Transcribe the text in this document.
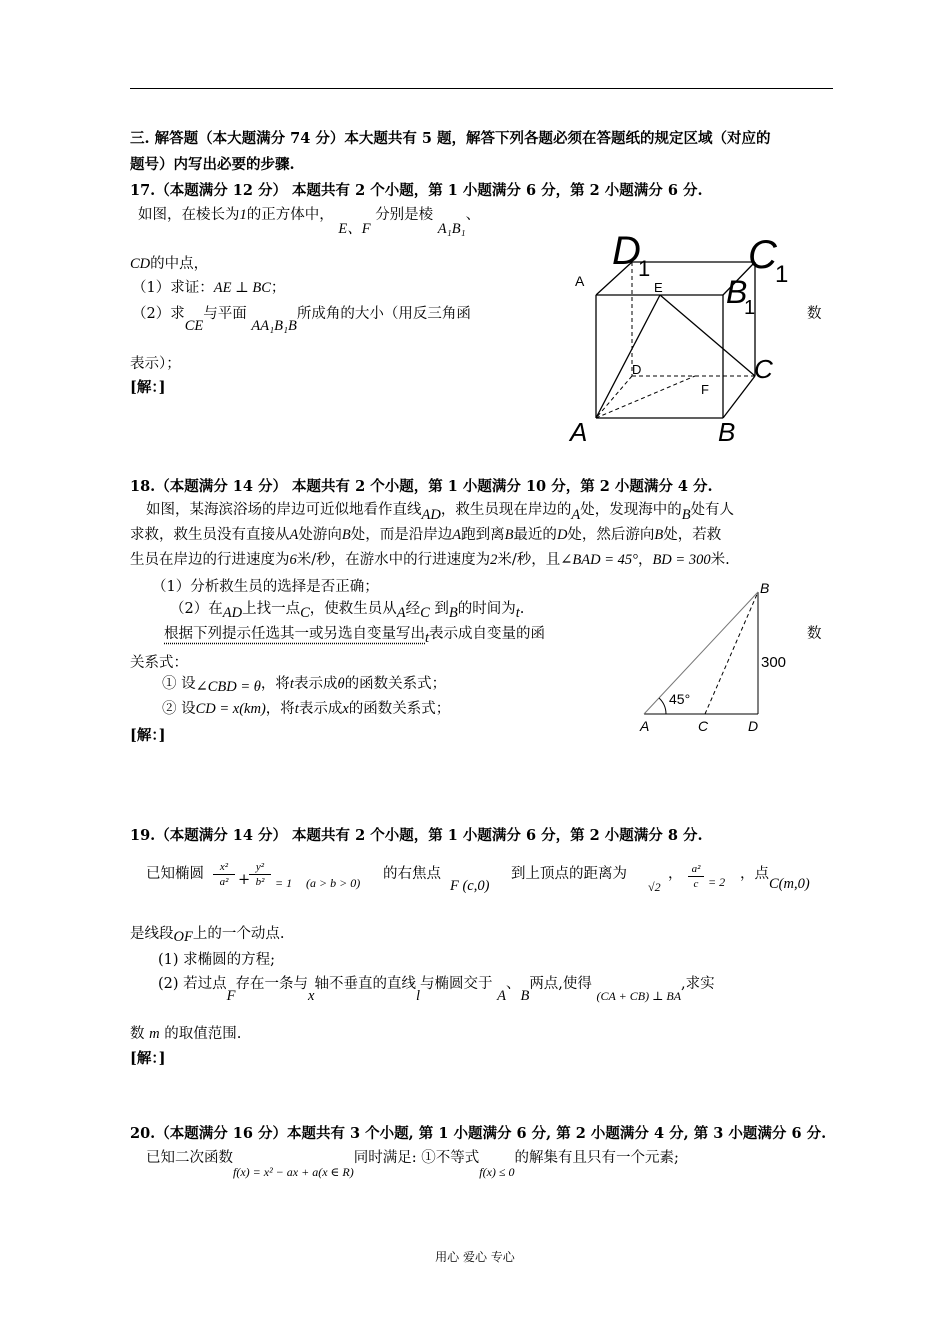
三. 解答题（本大题满分 74 分）本大题共有 5 题，解答下列各题必须在答题纸的规定区域（对应的
题号）内写出必要的步骤.
17.（本题满分 12 分） 本题共有 2 个小题，第 1 小题满分 6 分，第 2 小题满分 6 分.
如图，在棱长为1的正方体中， E、F 分别是棱 A₁B₁、
CD的中点，
（1）求证：AE ⊥ BC；
（2）求CE与平面 AA₁B₁B所成角的大小（用反三角函	数
表示）；
[解：]
D
1 C
1
A	B
1
E
D
F
C
A	B
18.（本题满分 14 分） 本题共有 2 个小题，第 1 小题满分 10 分，第 2 小题满分 4 分.
如图，某海滨浴场的岸边可近似地看作直线AD，救生员现在岸边的A处，发现海中的B处有人
求救，救生员没有直接从A处游向B处，而是沿岸边A跑到离B最近的D处，然后游向B处，若救
生员在岸边的行进速度为6米/秒，在游水中的行进速度为2米/秒，且∠BAD = 45°，BD = 300米.
（1）分析救生员的选择是否正确；
（2）在AD上找一点C，使救生员从A经C 到B的时间为t.
根据下列提示任选其一或另选自变量写出t表示成自变量的函	数
关系式：
① 设∠CBD = θ，将t表示成θ的函数关系式；
② 设CD = x(km)，将t表示成x的函数关系式；
[解：]
B
300
45°
A	C	D
19.（本题满分 14 分） 本题共有 2 个小题，第 1 小题满分 6 分，第 2 小题满分 8 分.
已知椭圆	x²
a² +
y²
b² = 1 (a > b > 0)
的右焦点
F (c,0)
到上顶点的距离为
√2
， a²
c = 2 ，点
C(m,0)
是线段OF上的一个动点.
(1) 求椭圆的方程;
(2) 若过点F存在一条与x轴不垂直的直线l与椭圆交于 A、B两点,使得 $_{(CA + CB) \perp BA}$,求实
数 m 的取值范围.
[解：]
20.（本题满分 16 分）本题共有 3 个小题, 第 1 小题满分 6 分, 第 2 小题满分 4 分, 第 3 小题满分 6 分.
已知二次函数$_{f(x) = x^2 - ax + a(x \in R)}$同时满足: ①不等式$_{f(x) \le 0}$的解集有且只有一个元素;
用心 爱心 专心
